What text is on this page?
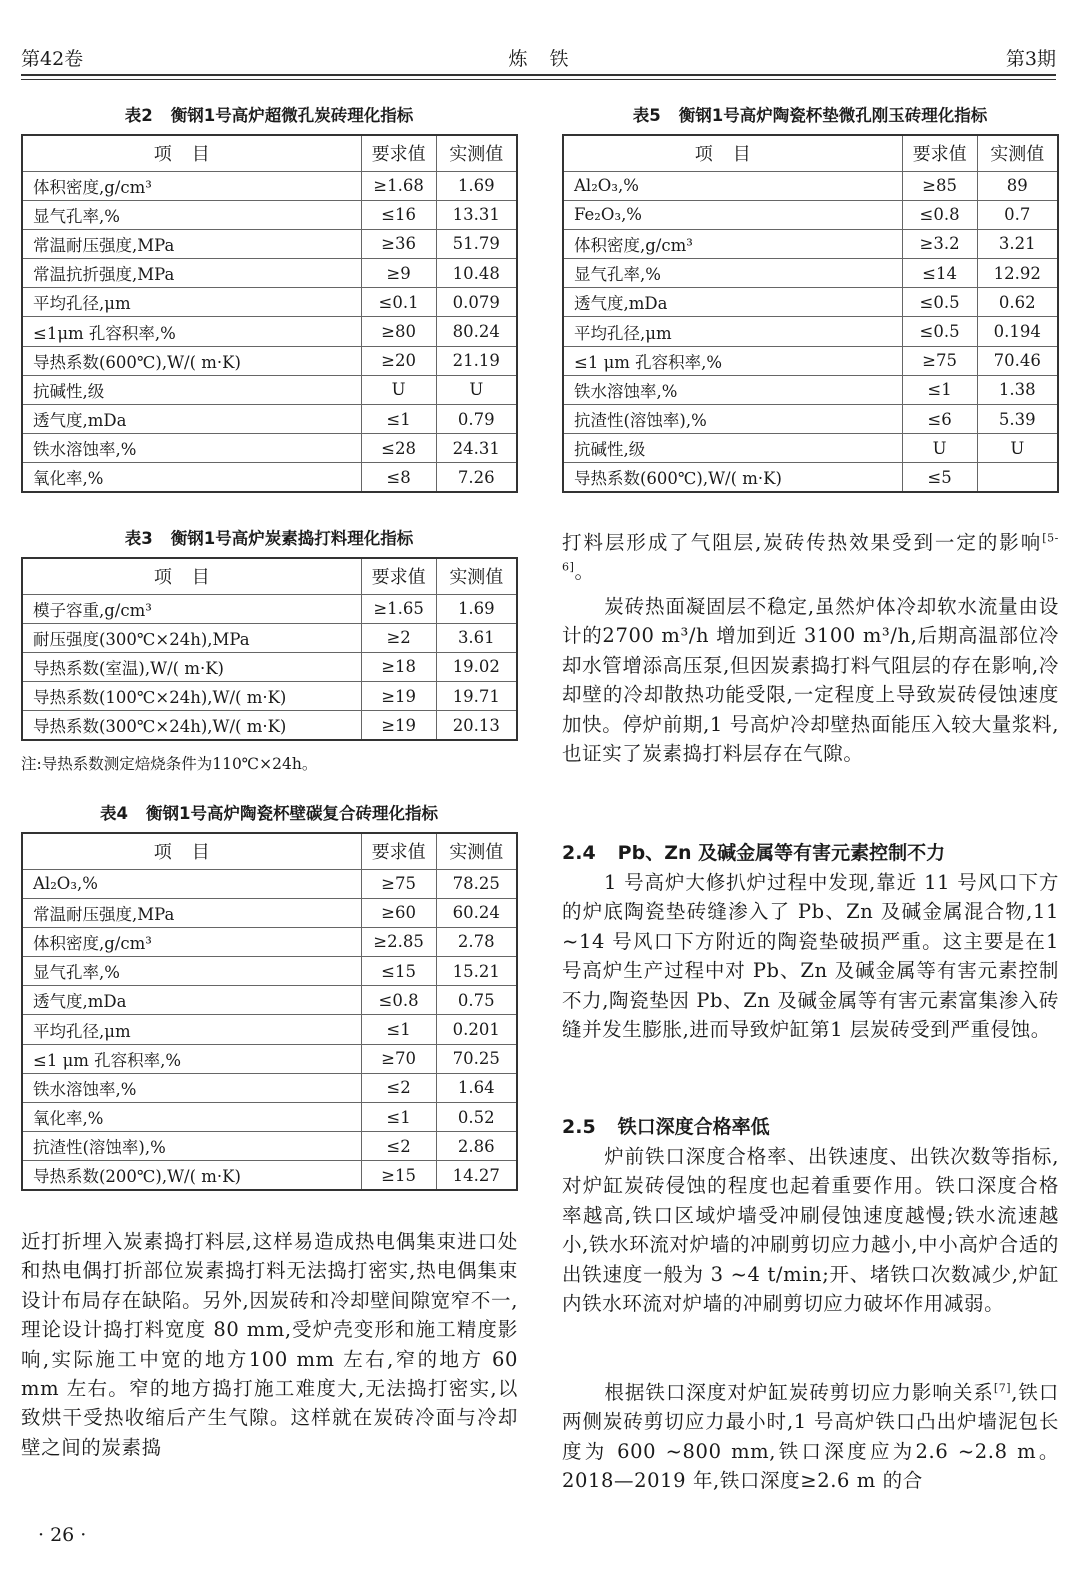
第42卷	炼铁	第3期
表2 衡钢1号高炉超微孔炭砖理化指标
项目	要求值	实测值
体积密度,g/cm³	≥1.68	1.69
显气孔率,%	≤16	13.31
常温耐压强度,MPa	≥36	51.79
常温抗折强度,MPa	≥9	10.48
平均孔径,μm	≤0.1	0.079
≤1μm 孔容积率,%	≥80	80.24
导热系数(600℃),W/( m·K)	≥20	21.19
抗碱性,级	U	U
透气度,mDa	≤1	0.79
铁水溶蚀率,%	≤28	24.31
氧化率,%	≤8	7.26
表3 衡钢1号高炉炭素捣打料理化指标
项目	要求值	实测值
模子容重,g/cm³	≥1.65	1.69
耐压强度(300℃×24h),MPa	≥2	3.61
导热系数(室温),W/( m·K)	≥18	19.02
导热系数(100℃×24h),W/( m·K)	≥19	19.71
导热系数(300℃×24h),W/( m·K)	≥19	20.13
注:导热系数测定焙烧条件为110℃×24h。
表4 衡钢1号高炉陶瓷杯壁碳复合砖理化指标
项目	要求值	实测值
Al₂O₃,%	≥75	78.25
常温耐压强度,MPa	≥60	60.24
体积密度,g/cm³	≥2.85	2.78
显气孔率,%	≤15	15.21
透气度,mDa	≤0.8	0.75
平均孔径,μm	≤1	0.201
≤1 μm 孔容积率,%	≥70	70.25
铁水溶蚀率,%	≤2	1.64
氧化率,%	≤1	0.52
抗渣性(溶蚀率),%	≤2	2.86
导热系数(200℃),W/( m·K)	≥15	14.27
近打折埋入炭素捣打料层,这样易造成热电偶集束进口处和热电偶打折部位炭素捣打料无法捣打密实,热电偶集束设计布局存在缺陷。另外,因炭砖和冷却壁间隙宽窄不一,理论设计捣打料宽度 80 mm,受炉壳变形和施工精度影响,实际施工中宽的地方100 mm 左右,窄的地方 60 mm 左右。窄的地方捣打施工难度大,无法捣打密实,以致烘干受热收缩后产生气隙。这样就在炭砖冷面与冷却壁之间的炭素捣
表5 衡钢1号高炉陶瓷杯垫微孔刚玉砖理化指标
项目	要求值	实测值
Al₂O₃,%	≥85	89
Fe₂O₃,%	≤0.8	0.7
体积密度,g/cm³	≥3.2	3.21
显气孔率,%	≤14	12.92
透气度,mDa	≤0.5	0.62
平均孔径,μm	≤0.5	0.194
≤1 μm 孔容积率,%	≥75	70.46
铁水溶蚀率,%	≤1	1.38
抗渣性(溶蚀率),%	≤6	5.39
抗碱性,级	U	U
导热系数(600℃),W/( m·K)	≤5	
打料层形成了气阻层,炭砖传热效果受到一定的影响[5-6]。
炭砖热面凝固层不稳定,虽然炉体冷却软水流量由设计的2700 m³/h 增加到近 3100 m³/h,后期高温部位冷却水管增添高压泵,但因炭素捣打料气阻层的存在影响,冷却壁的冷却散热功能受限,一定程度上导致炭砖侵蚀速度加快。停炉前期,1 号高炉冷却壁热面能压入较大量浆料,也证实了炭素捣打料层存在气隙。
2.4 Pb、Zn 及碱金属等有害元素控制不力
1 号高炉大修扒炉过程中发现,靠近 11 号风口下方的炉底陶瓷垫砖缝渗入了 Pb、Zn 及碱金属混合物,11 ~14 号风口下方附近的陶瓷垫破损严重。这主要是在1 号高炉生产过程中对 Pb、Zn 及碱金属等有害元素控制不力,陶瓷垫因 Pb、Zn 及碱金属等有害元素富集渗入砖缝并发生膨胀,进而导致炉缸第1 层炭砖受到严重侵蚀。
2.5 铁口深度合格率低
炉前铁口深度合格率、出铁速度、出铁次数等指标,对炉缸炭砖侵蚀的程度也起着重要作用。铁口深度合格率越高,铁口区域炉墙受冲刷侵蚀速度越慢;铁水流速越小,铁水环流对炉墙的冲刷剪切应力越小,中小高炉合适的出铁速度一般为 3 ~4 t/min;开、堵铁口次数减少,炉缸内铁水环流对炉墙的冲刷剪切应力破坏作用减弱。
根据铁口深度对炉缸炭砖剪切应力影响关系[7],铁口两侧炭砖剪切应力最小时,1 号高炉铁口凸出炉墙泥包长度为 600 ~800 mm,铁口深度应为2.6 ~2.8 m。2018—2019 年,铁口深度≥2.6 m 的合
· 26 ·
